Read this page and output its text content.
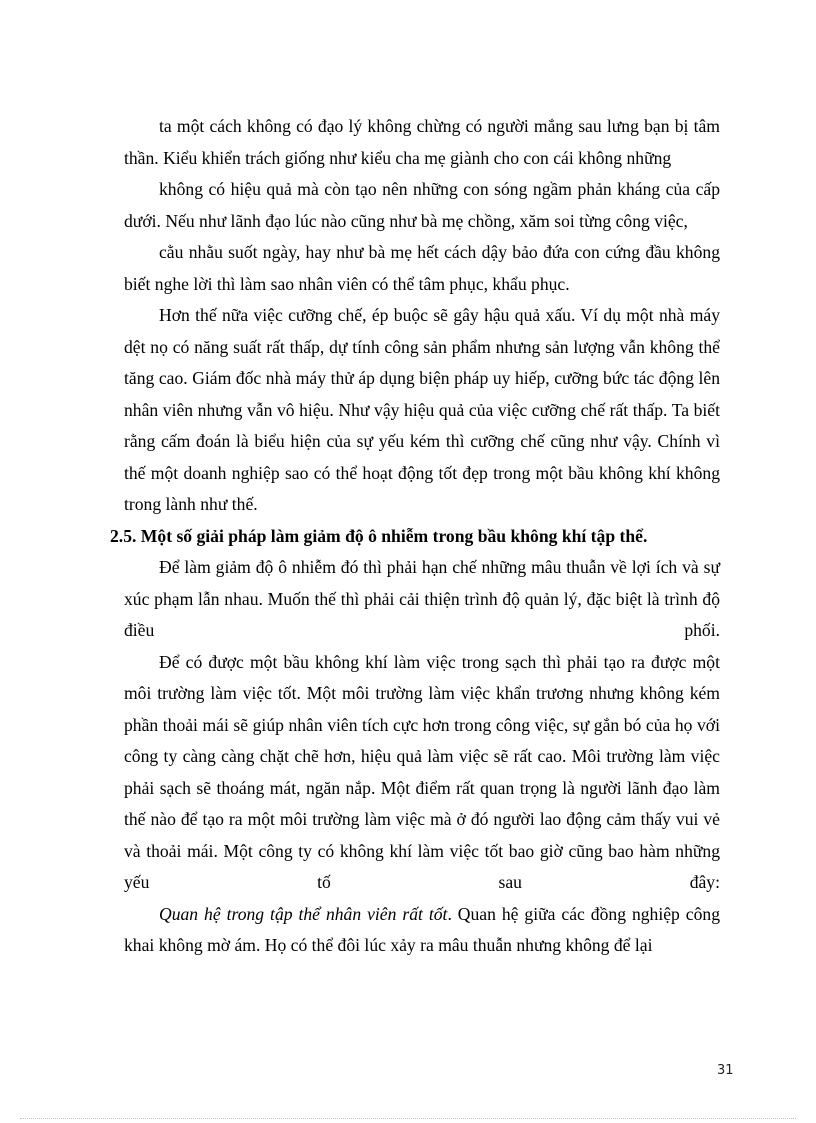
ta một cách không có đạo lý không chừng có người mắng sau lưng bạn bị tâm thần. Kiểu khiển trách giống như kiểu cha mẹ giành cho con cái không những

không có hiệu quả mà còn tạo nên những con sóng ngầm phản kháng của cấp dưới. Nếu như lãnh đạo lúc nào cũng như bà mẹ chồng, xăm soi từng công việc,

cằu nhằu suốt ngày, hay như bà mẹ hết cách dậy bảo đứa con cứng đầu không biết nghe lời thì làm sao nhân viên có thể tâm phục, khẩu phục.

Hơn thế nữa việc cưỡng chế, ép buộc sẽ gây hậu quả xấu. Ví dụ một nhà máy dệt nọ có năng suất rất thấp, dự tính công sản phẩm nhưng sản lượng vẫn không thể tăng cao. Giám đốc nhà máy thử áp dụng biện pháp uy hiếp, cưỡng bức tác động lên nhân viên nhưng vẫn vô hiệu. Như vậy hiệu quả của việc cưỡng chế rất thấp. Ta biết rằng cấm đoán là biểu hiện của sự yếu kém thì cưỡng chế cũng như vậy. Chính vì thế một doanh nghiệp sao có thể hoạt động tốt đẹp trong một bầu không khí không trong lành như thế.

2.5. Một số giải pháp làm giảm độ ô nhiễm trong bầu không khí tập thể.

Để làm giảm độ ô nhiễm đó thì phải hạn chế những mâu thuẫn về lợi ích và sự xúc phạm lẫn nhau. Muốn thế thì phải cải thiện trình độ quản lý, đặc biệt là trình độ điều phối.

Để có được một bầu không khí làm việc trong sạch thì phải tạo ra được một môi trường làm việc tốt. Một môi trường làm việc khẩn trương nhưng không kém phần thoải mái sẽ giúp nhân viên tích cực hơn trong công việc, sự gắn bó của họ với công ty càng càng chặt chẽ hơn, hiệu quả làm việc sẽ rất cao. Môi trường làm việc phải sạch sẽ thoáng mát, ngăn nắp. Một điểm rất quan trọng là người lãnh đạo làm thế nào để tạo ra một môi trường làm việc mà ở đó người lao động cảm thấy vui vẻ và thoải mái. Một công ty có không khí làm việc tốt bao giờ cũng bao hàm những yếu tố sau đây:

Quan hệ trong tập thể nhân viên rất tốt. Quan hệ giữa các đồng nghiệp công khai không mờ ám. Họ có thể đôi lúc xảy ra mâu thuẫn nhưng không để lại

31
